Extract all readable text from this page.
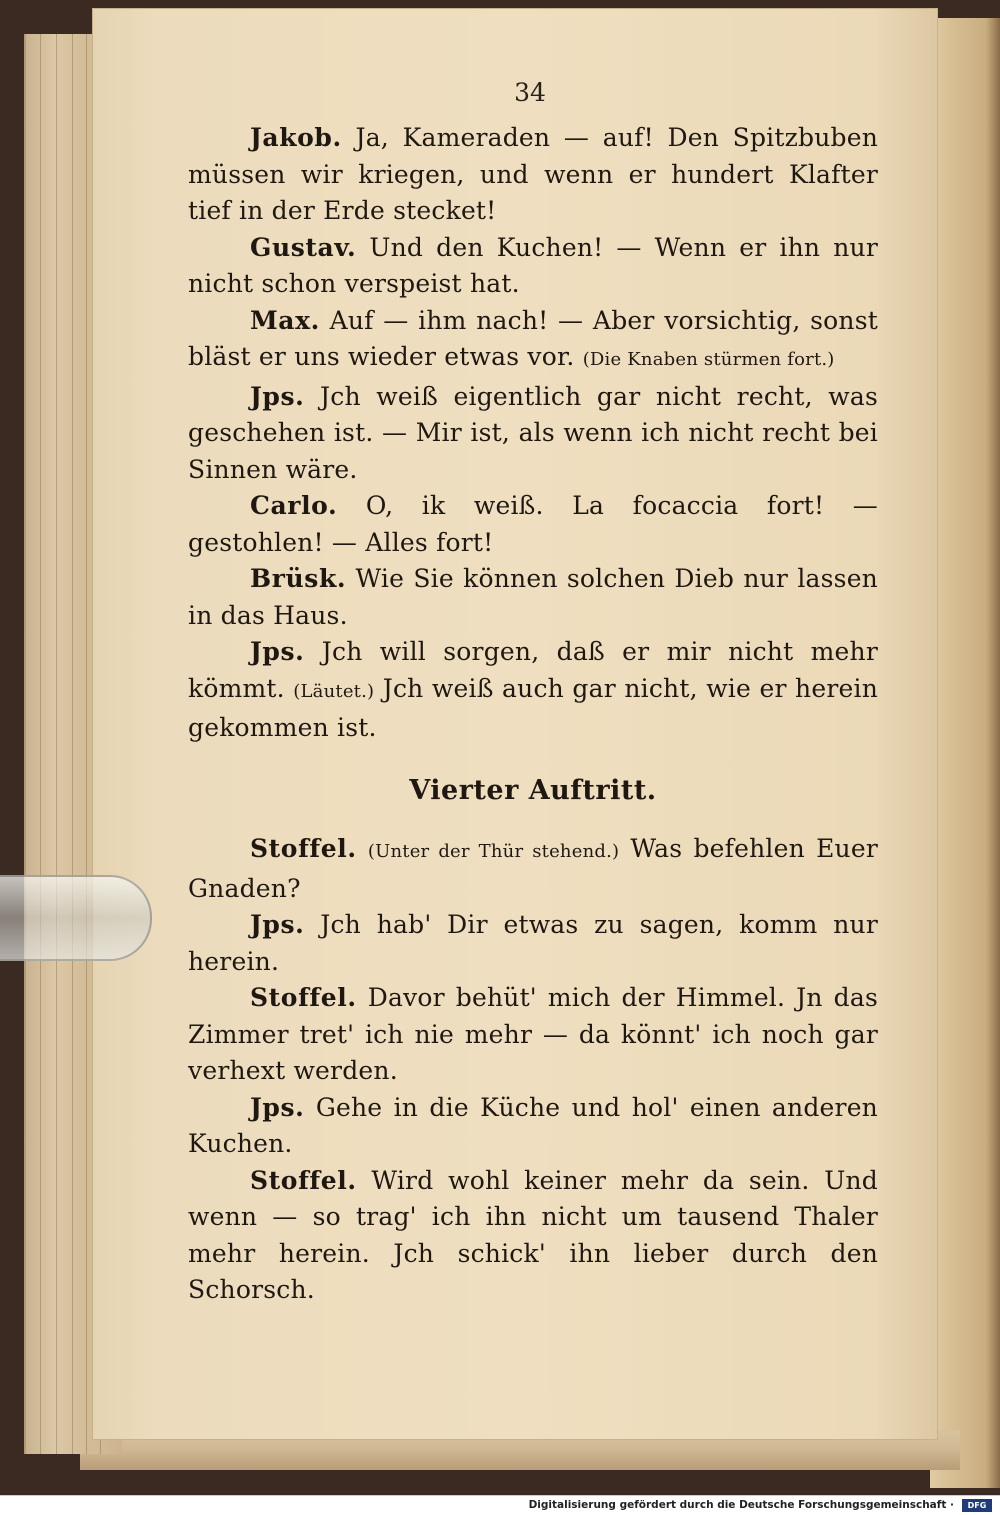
34

Jakob. Ja, Kameraden — auf! Den Spitzbuben müssen wir kriegen, und wenn er hundert Klafter tief in der Erde stecket!

Gustav. Und den Kuchen! — Wenn er ihn nur nicht schon verspeist hat.

Max. Auf — ihm nach! — Aber vorsichtig, sonst bläst er uns wieder etwas vor. (Die Knaben stürmen fort.)

Jps. Jch weiß eigentlich gar nicht recht, was geschehen ist. — Mir ist, als wenn ich nicht recht bei Sinnen wäre.

Carlo. O, ik weiß. La focaccia fort! — gestohlen! — Alles fort!

Brüsk. Wie Sie können solchen Dieb nur lassen in das Haus.

Jps. Jch will sorgen, daß er mir nicht mehr kömmt. (Läutet.) Jch weiß auch gar nicht, wie er herein gekommen ist.

Vierter Auftritt.

Stoffel. (Unter der Thür stehend.) Was befehlen Euer Gnaden?

Jps. Jch hab' Dir etwas zu sagen, komm nur herein.

Stoffel. Davor behüt' mich der Himmel. Jn das Zimmer tret' ich nie mehr — da könnt' ich noch gar verhext werden.

Jps. Gehe in die Küche und hol' einen anderen Kuchen.

Stoffel. Wird wohl keiner mehr da sein. Und wenn — so trag' ich ihn nicht um tausend Thaler mehr herein. Jch schick' ihn lieber durch den Schorsch.

Digitalisierung gefördert durch die Deutsche Forschungsgemeinschaft ·	DFG
